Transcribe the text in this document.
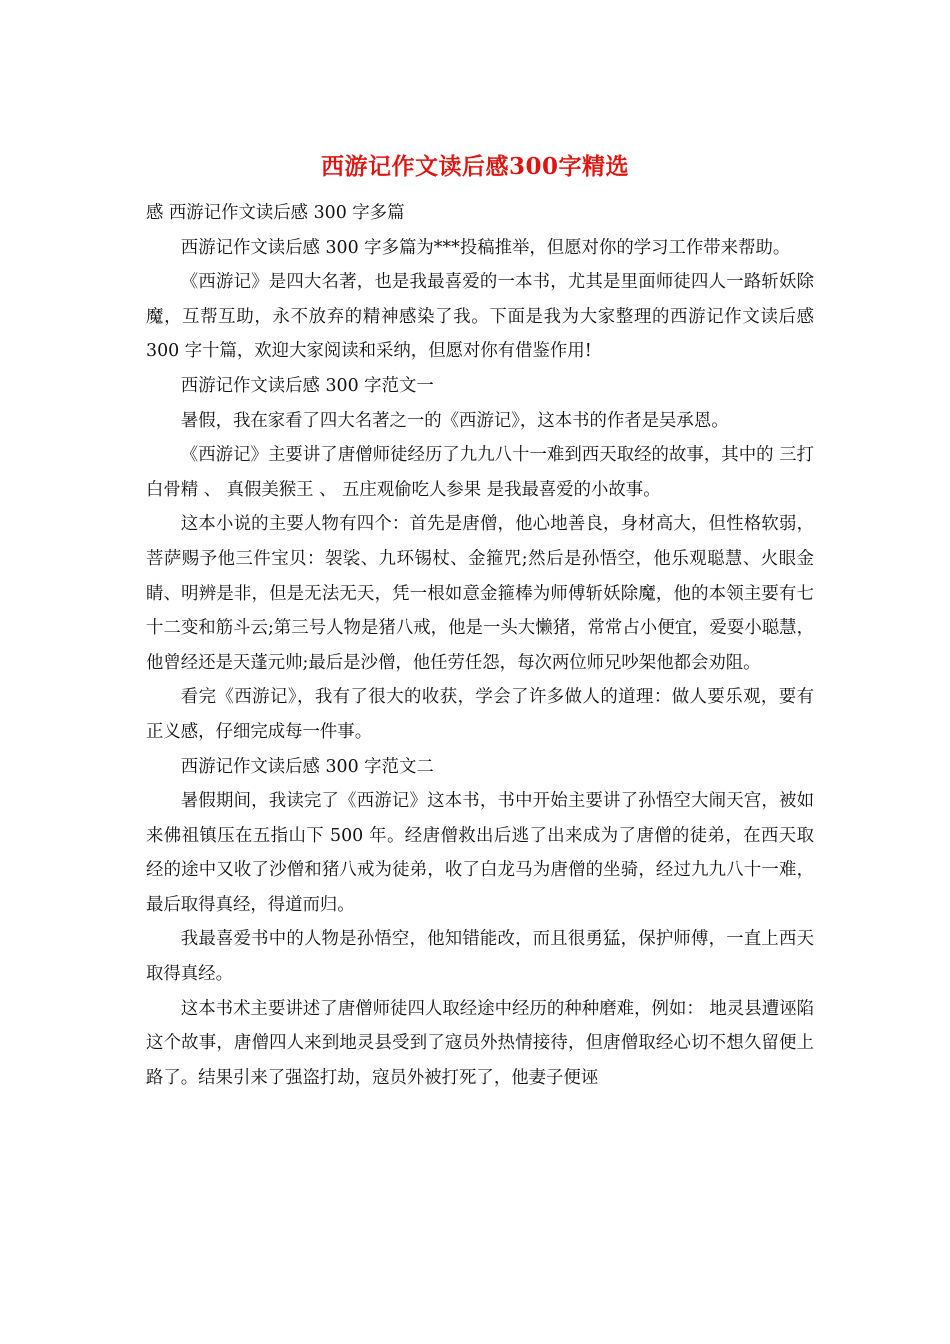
西游记作文读后感300字精选

感 西游记作文读后感 300 字多篇

西游记作文读后感 300 字多篇为***投稿推举，但愿对你的学习工作带来帮助。

《西游记》是四大名著，也是我最喜爱的一本书，尤其是里面师徒四人一路斩妖除魔，互帮互助，永不放弃的精神感染了我。下面是我为大家整理的西游记作文读后感 300 字十篇，欢迎大家阅读和采纳，但愿对你有借鉴作用!

西游记作文读后感 300 字范文一

暑假，我在家看了四大名著之一的《西游记》，这本书的作者是吴承恩。

《西游记》主要讲了唐僧师徒经历了九九八十一难到西天取经的故事，其中的 三打白骨精 、 真假美猴王 、 五庄观偷吃人参果 是我最喜爱的小故事。

这本小说的主要人物有四个：首先是唐僧，他心地善良，身材高大，但性格软弱，菩萨赐予他三件宝贝：袈裟、九环锡杖、金箍咒;然后是孙悟空，他乐观聪慧、火眼金睛、明辨是非，但是无法无天，凭一根如意金箍棒为师傅斩妖除魔，他的本领主要有七十二变和筋斗云;第三号人物是猪八戒，他是一头大懒猪，常常占小便宜，爱耍小聪慧，他曾经还是天蓬元帅;最后是沙僧，他任劳任怨，每次两位师兄吵架他都会劝阻。

看完《西游记》，我有了很大的收获，学会了许多做人的道理：做人要乐观，要有正义感，仔细完成每一件事。

西游记作文读后感 300 字范文二

暑假期间，我读完了《西游记》这本书，书中开始主要讲了孙悟空大闹天宫，被如来佛祖镇压在五指山下 500 年。经唐僧救出后逃了出来成为了唐僧的徒弟，在西天取经的途中又收了沙僧和猪八戒为徒弟，收了白龙马为唐僧的坐骑，经过九九八十一难，最后取得真经，得道而归。

我最喜爱书中的人物是孙悟空，他知错能改，而且很勇猛，保护师傅，一直上西天取得真经。

这本书术主要讲述了唐僧师徒四人取经途中经历的种种磨难，例如： 地灵县遭诬陷 这个故事，唐僧四人来到地灵县受到了寇员外热情接待，但唐僧取经心切不想久留便上路了。结果引来了强盗打劫，寇员外被打死了，他妻子便诬
